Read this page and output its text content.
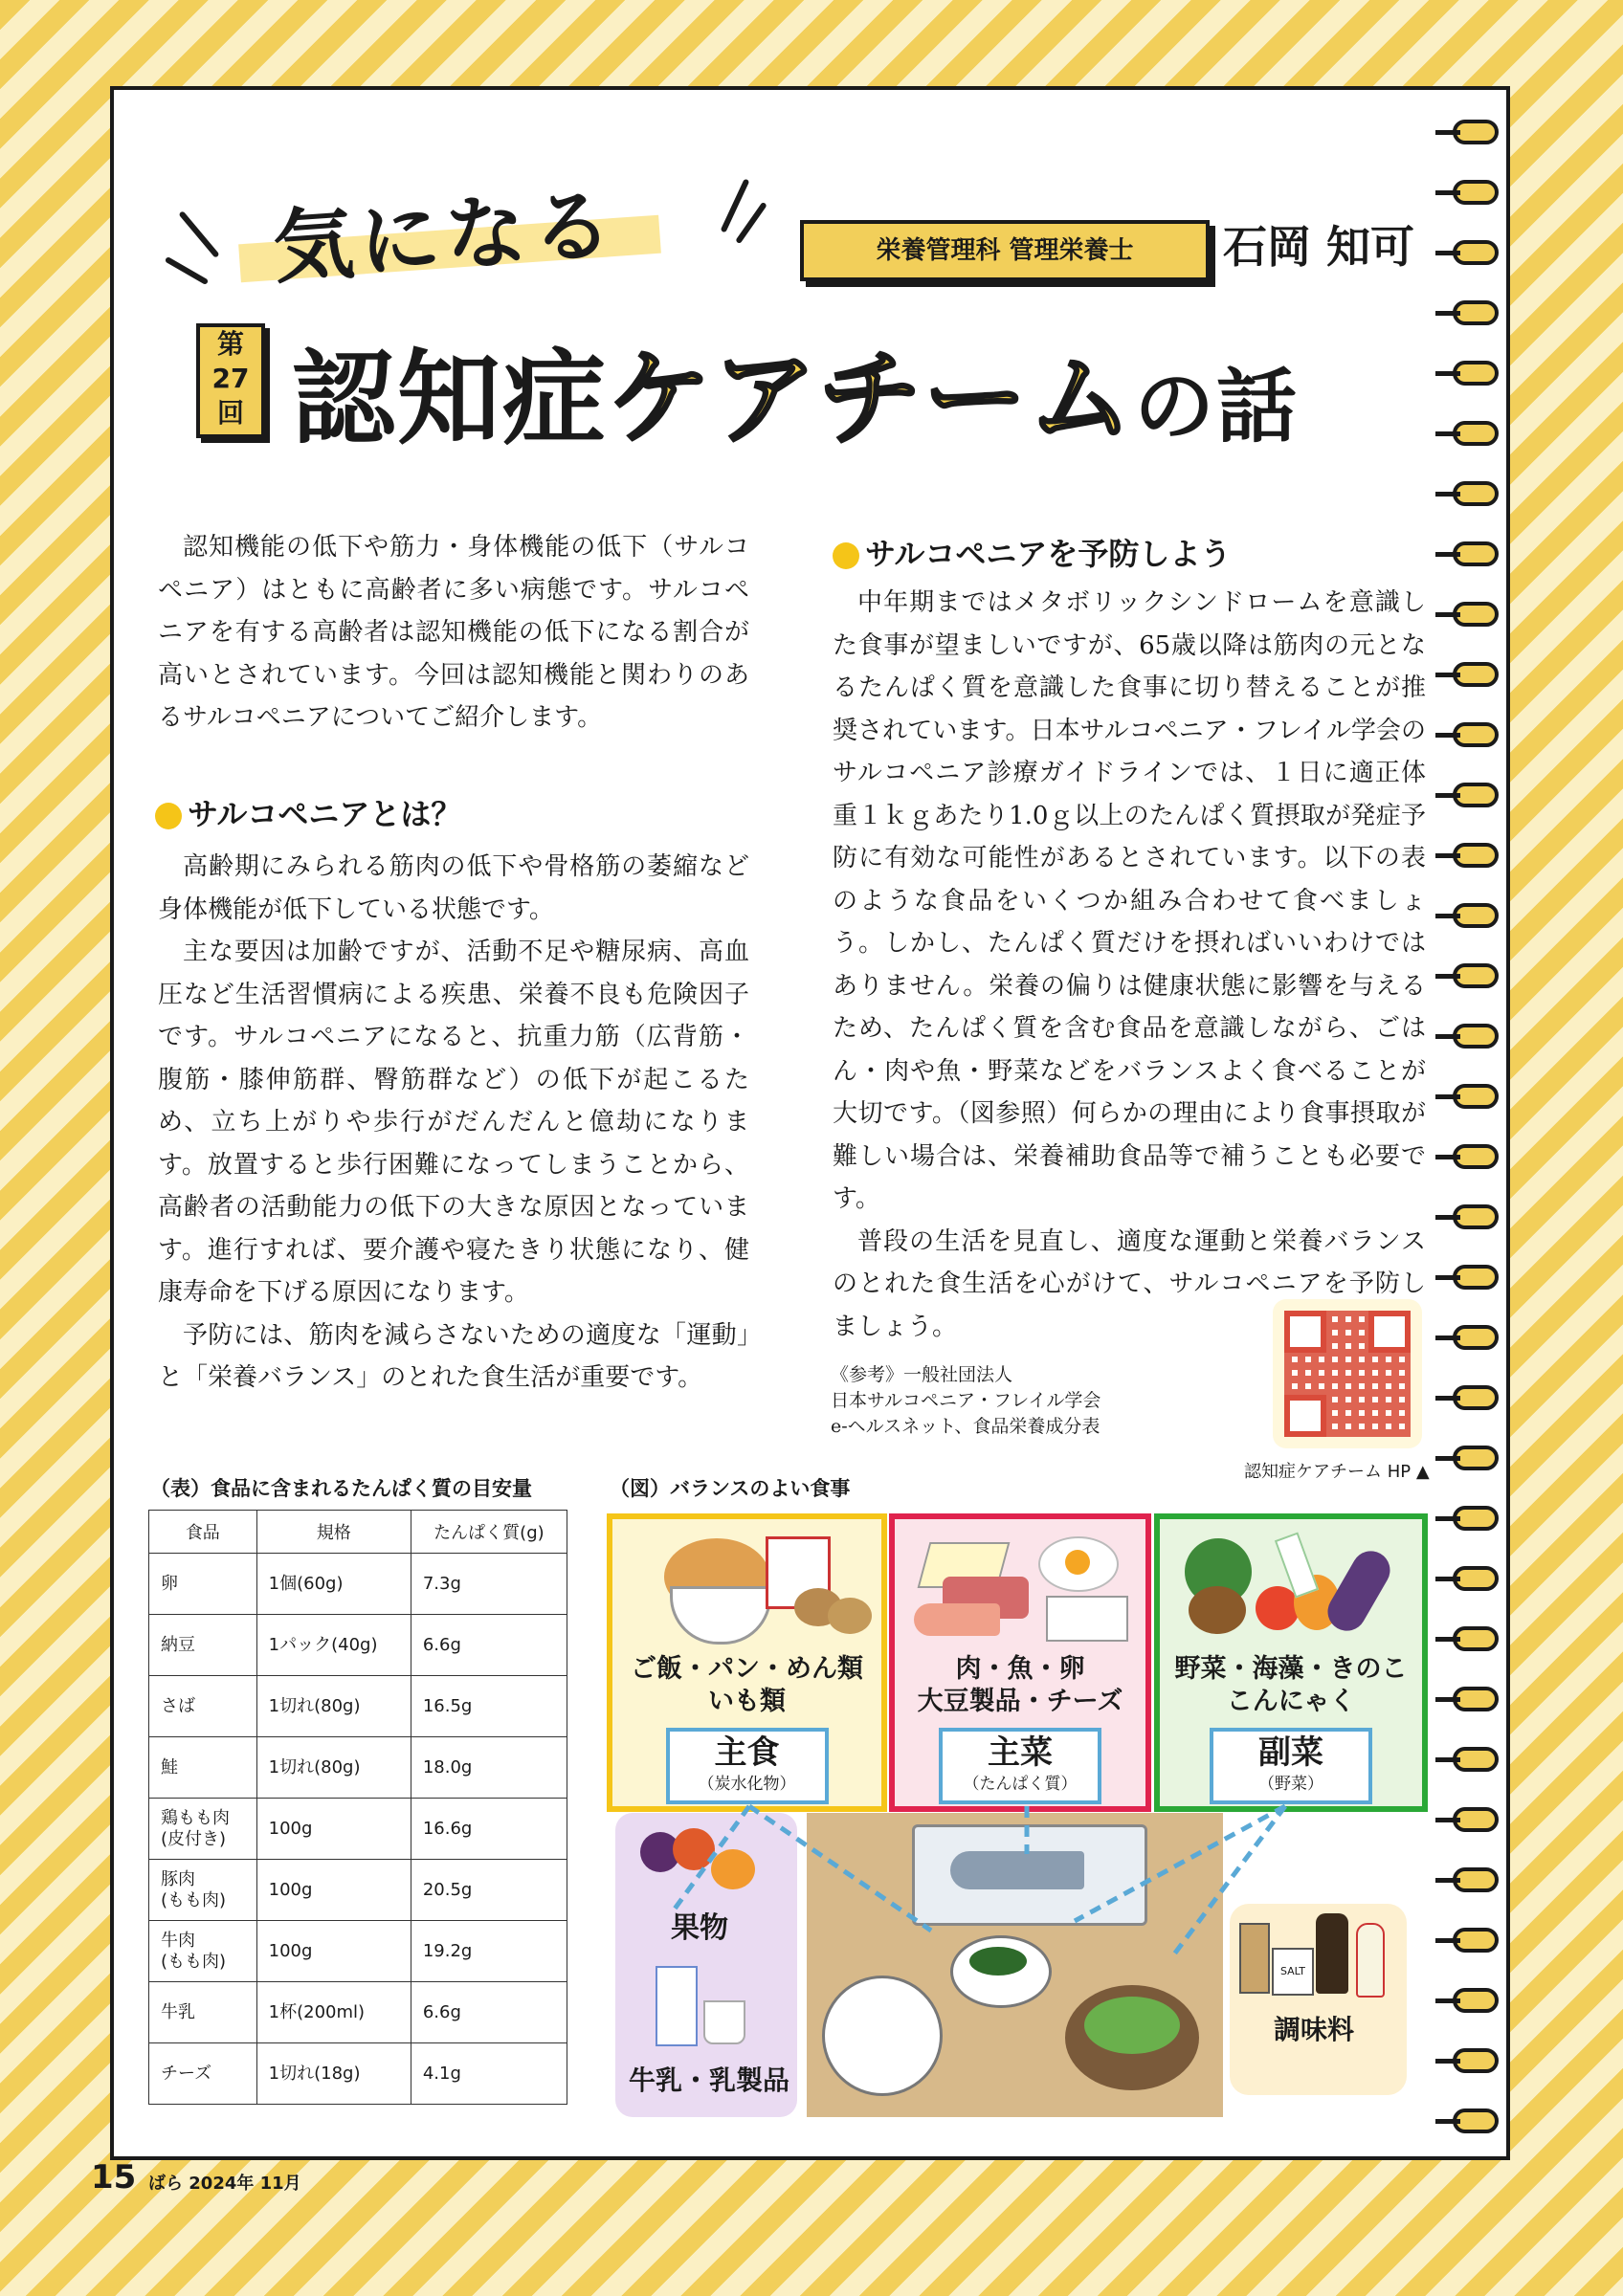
気になる	栄養管理科 管理栄養士	石岡 知可
第
27
回 認知症ケアチームの話

認知機能の低下や筋力・身体機能の低下（サルコペニア）はともに高齢者に多い病態です。サルコペニアを有する高齢者は認知機能の低下になる割合が高いとされています。今回は認知機能と関わりのあるサルコペニアについてご紹介します。

サルコペニアとは？

高齢期にみられる筋肉の低下や骨格筋の萎縮など身体機能が低下している状態です。

主な要因は加齢ですが、活動不足や糖尿病、高血圧など生活習慣病による疾患、栄養不良も危険因子です。サルコペニアになると、抗重力筋（広背筋・腹筋・膝伸筋群、臀筋群など）の低下が起こるため、立ち上がりや歩行がだんだんと億劫になります。放置すると歩行困難になってしまうことから、高齢者の活動能力の低下の大きな原因となっています。進行すれば、要介護や寝たきり状態になり、健康寿命を下げる原因になります。

予防には、筋肉を減らさないための適度な「運動」と「栄養バランス」のとれた食生活が重要です。

サルコペニアを予防しよう

中年期まではメタボリックシンドロームを意識した食事が望ましいですが、65歳以降は筋肉の元となるたんぱく質を意識した食事に切り替えることが推奨されています。日本サルコペニア・フレイル学会のサルコペニア診療ガイドラインでは、１日に適正体重１ｋｇあたり1.0ｇ以上のたんぱく質摂取が発症予防に有効な可能性があるとされています。以下の表のような食品をいくつか組み合わせて食べましょう。しかし、たんぱく質だけを摂ればいいわけではありません。栄養の偏りは健康状態に影響を与えるため、たんぱく質を含む食品を意識しながら、ごはん・肉や魚・野菜などをバランスよく食べることが大切です。（図参照）何らかの理由により食事摂取が難しい場合は、栄養補助食品等で補うことも必要です。

普段の生活を見直し、適度な運動と栄養バランスのとれた食生活を心がけて、サルコペニアを予防しましょう。

《参考》一般社団法人
日本サルコペニア・フレイル学会
e-ヘルスネット、食品栄養成分表
認知症ケアチーム HP ▲
（表）食品に含まれるたんぱく質の目安量
食品	規格	たんぱく質(g)
卵	1個(60g)	7.3g
納豆	1パック(40g)	6.6g
さば	1切れ(80g)	16.5g
鮭	1切れ(80g)	18.0g
鶏もも肉
(皮付き)	100g	16.6g
豚肉
(もも肉)	100g	20.5g
牛肉
(もも肉)	100g	19.2g
牛乳	1杯(200ml)	6.6g
チーズ	1切れ(18g)	4.1g
（図）バランスのよい食事
ご飯・パン・めん類
いも類
主食
（炭水化物）
肉・魚・卵
大豆製品・チーズ
主菜
（たんぱく質）
野菜・海藻・きのこ
こんにゃく
副菜
（野菜）
果物
牛乳・乳製品
SALT
調味料
15 ばら 2024年 11月
